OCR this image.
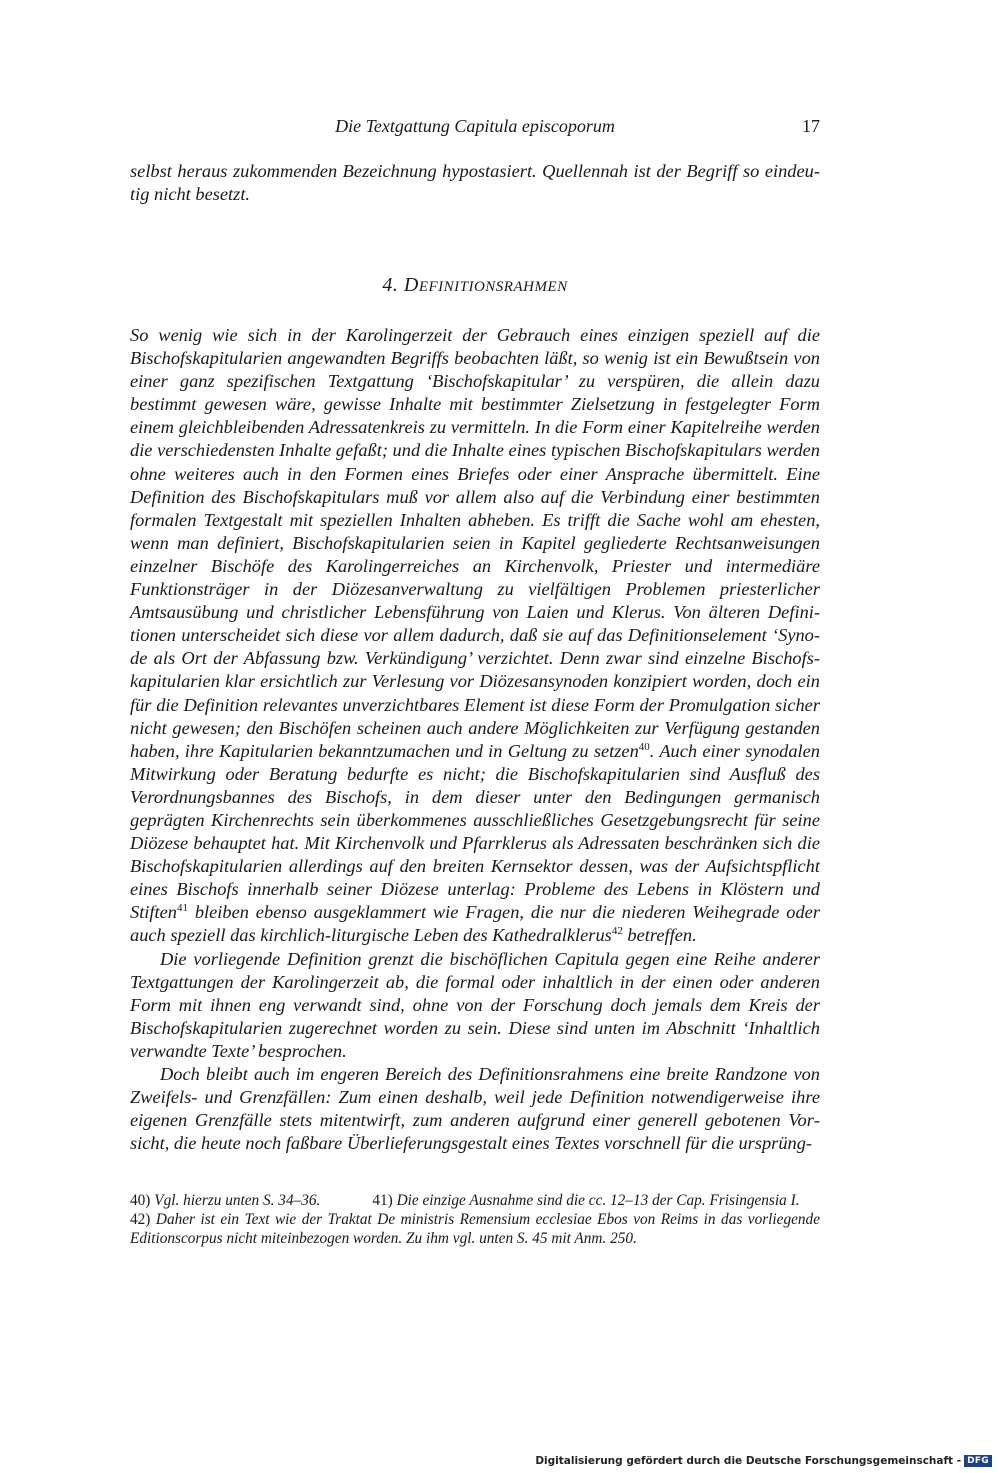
Die Textgattung Capitula episcoporum	17

selbst heraus zukommenden Bezeichnung hypostasiert. Quellennah ist der Begriff so eindeutig nicht besetzt.

4. DEFINITIONSRAHMEN

So wenig wie sich in der Karolingerzeit der Gebrauch eines einzigen speziell auf die Bischofskapitularien angewandten Begriffs beobachten läßt, so wenig ist ein Bewußtsein von einer ganz spezifischen Textgattung ‘Bischofskapitular’ zu verspüren, die allein dazu bestimmt gewesen wäre, gewisse Inhalte mit bestimmter Zielsetzung in festgelegter Form einem gleichbleibenden Adressatenkreis zu vermitteln. In die Form einer Kapitelreihe werden die verschiedensten Inhalte gefaßt; und die Inhalte eines typischen Bischofskapitulars werden ohne weiteres auch in den Formen eines Briefes oder einer Ansprache übermittelt. Eine Definition des Bischofskapitulars muß vor allem also auf die Verbindung einer bestimmten formalen Textgestalt mit speziellen Inhalten abheben. Es trifft die Sache wohl am ehesten, wenn man definiert, Bischofskapitularien seien in Kapitel gegliederte Rechtsanweisungen einzelner Bischöfe des Karolingerreiches an Kirchenvolk, Priester und intermediäre Funktionsträger in der Diözesanverwaltung zu vielfältigen Problemen priesterlicher Amtsausübung und christlicher Lebensführung von Laien und Klerus. Von älteren Definitionen unterscheidet sich diese vor allem dadurch, daß sie auf das Definitionselement ‘Synode als Ort der Abfassung bzw. Verkündigung’ verzichtet. Denn zwar sind einzelne Bischofskapitularien klar ersichtlich zur Verlesung vor Diözesansynoden konzipiert worden, doch ein für die Definition relevantes unverzichtbares Element ist diese Form der Promulgation sicher nicht gewesen; den Bischöfen scheinen auch andere Möglichkeiten zur Verfügung gestanden haben, ihre Kapitularien bekanntzumachen und in Geltung zu setzen$^{40}$. Auch einer synodalen Mitwirkung oder Beratung bedurfte es nicht; die Bischofskapitularien sind Ausfluß des Verordnungsbannes des Bischofs, in dem dieser unter den Bedingungen germanisch geprägten Kirchenrechts sein überkommenes ausschließliches Gesetzgebungsrecht für seine Diözese behauptet hat. Mit Kirchenvolk und Pfarrklerus als Adressaten beschränken sich die Bischofskapitularien allerdings auf den breiten Kernsektor dessen, was der Aufsichtspflicht eines Bischofs innerhalb seiner Diözese unterlag: Probleme des Lebens in Klöstern und Stiften$^{41}$ bleiben ebenso ausgeklammert wie Fragen, die nur die niederen Weihegrade oder auch speziell das kirchlich-liturgische Leben des Kathedralklerus$^{42}$ betreffen.

Die vorliegende Definition grenzt die bischöflichen Capitula gegen eine Reihe anderer Textgattungen der Karolingerzeit ab, die formal oder inhaltlich in der einen oder anderen Form mit ihnen eng verwandt sind, ohne von der Forschung doch jemals dem Kreis der Bischofskapitularien zugerechnet worden zu sein. Diese sind unten im Abschnitt ‘Inhaltlich verwandte Texte’ besprochen.

Doch bleibt auch im engeren Bereich des Definitionsrahmens eine breite Randzone von Zweifels- und Grenzfällen: Zum einen deshalb, weil jede Definition notwendigerweise ihre eigenen Grenzfälle stets mitentwirft, zum anderen aufgrund einer generell gebotenen Vorsicht, die heute noch faßbare Überlieferungsgestalt eines Textes vorschnell für die ursprüng-

40) Vgl. hierzu unten S. 34–36.	41) Die einzige Ausnahme sind die cc. 12–13 der Cap. Frisingensia I.
42) Daher ist ein Text wie der Traktat De ministris Remensium ecclesiae Ebos von Reims in das vorliegende Editionscorpus nicht miteinbezogen worden. Zu ihm vgl. unten S. 45 mit Anm. 250.
Digitalisierung gefördert durch die Deutsche Forschungsgemeinschaft - DFG
